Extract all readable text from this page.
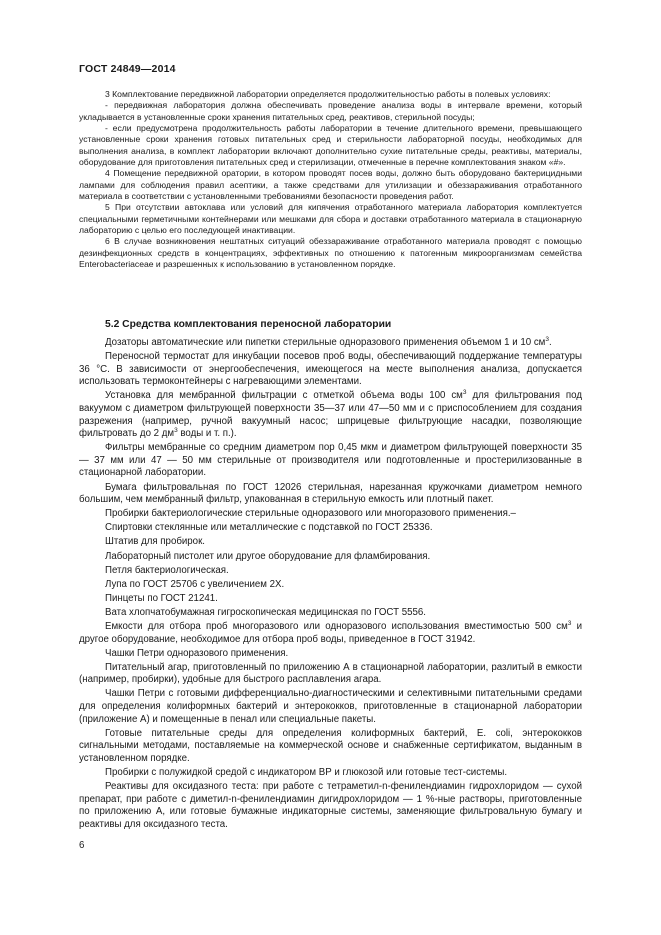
ГОСТ 24849—2014

3 Комплектование передвижной лаборатории определяется продолжительностью работы в полевых условиях:

- передвижная лаборатория должна обеспечивать проведение анализа воды в интервале времени, который укладывается в установленные сроки хранения питательных сред, реактивов, стерильной посуды;

- если предусмотрена продолжительность работы лаборатории в течение длительного времени, превышающего установленные сроки хранения готовых питательных сред и стерильности лабораторной посуды, необходимых для выполнения анализа, в комплект лаборатории включают дополнительно сухие питательные среды, реактивы, материалы, оборудование для приготовления питательных сред и стерилизации, отмеченные в перечне комплектования знаком «#».

4 Помещение передвижной оратории, в котором проводят посев воды, должно быть оборудовано бактерицидными лампами для соблюдения правил асептики, а также средствами для утилизации и обеззараживания отработанного материала в соответствии с установленными требованиями безопасности проведения работ.

5 При отсутствии автоклава или условий для кипячения отработанного материала лаборатория комплектуется специальными герметичными контейнерами или мешками для сбора и доставки отработанного материала в стационарную лабораторию с целью его последующей инактивации.

6 В случае возникновения нештатных ситуаций обеззараживание отработанного материала проводят с помощью дезинфекционных средств в концентрациях, эффективных по отношению к патогенным микроорганизмам семейства Enterobacteriaceae и разрешенных к использованию в установленном порядке.

5.2 Средства комплектования переносной лаборатории

Дозаторы автоматические или пипетки стерильные одноразового применения объемом 1 и 10 $см^3$.

Переносной термостат для инкубации посевов проб воды, обеспечивающий поддержание температуры 36 °C. В зависимости от энергообеспечения, имеющегося на месте выполнения анализа, допускается использовать термоконтейнеры с нагревающими элементами.

Установка для мембранной фильтрации с отметкой объема воды 100 $см^3$ для фильтрования под вакуумом с диаметром фильтрующей поверхности 35—37 или 47—50 мм и с приспособлением для создания разрежения (например, ручной вакуумный насос; шприцевые фильтрующие насадки, позволяющие фильтровать до 2 $дм^3$ воды и т. п.).

Фильтры мембранные со средним диаметром пор 0,45 мкм и диаметром фильтрующей поверхности 35 — 37 мм или 47 — 50 мм стерильные от производителя или подготовленные и простерилизованные в стационарной лаборатории.

Бумага фильтровальная по ГОСТ 12026 стерильная, нарезанная кружочками диаметром немного большим, чем мембранный фильтр, упакованная в стерильную емкость или плотный пакет.

Пробирки бактериологические стерильные одноразового или многоразового применения.–

Спиртовки стеклянные или металлические с подставкой по ГОСТ 25336.

Штатив для пробирок.

Лабораторный пистолет или другое оборудование для фламбирования.

Петля бактериологическая.

Лупа по ГОСТ 25706 с увеличением 2Х.

Пинцеты по ГОСТ 21241.

Вата хлопчатобумажная гигроскопическая медицинская по ГОСТ 5556.

Емкости для отбора проб многоразового или одноразового использования вместимостью 500 $см^3$ и другое оборудование, необходимое для отбора проб воды, приведенное в ГОСТ 31942.

Чашки Петри одноразового применения.

Питательный агар, приготовленный по приложению А в стационарной лаборатории, разлитый в емкости (например, пробирки), удобные для быстрого расплавления агара.

Чашки Петри с готовыми дифференциально-диагностическими и селективными питательными средами для определения колиформных бактерий и энтерококков, приготовленные в стационарной лаборатории (приложение А) и помещенные в пенал или специальные пакеты.

Готовые питательные среды для определения колиформных бактерий, E. coli, энтерококков сигнальными методами, поставляемые на коммерческой основе и снабженные сертификатом, выданным в установленном порядке.

Пробирки с полужидкой средой с индикатором ВР и глюкозой или готовые тест-системы.

Реактивы для оксидазного теста: при работе с тетраметил-n-фенилендиамин гидрохлоридом — сухой препарат, при работе с диметил-n-фенилендиамин дигидрохлоридом — 1 %-ные растворы, приготовленные по приложению А, или готовые бумажные индикаторные системы, заменяющие фильтровальную бумагу и реактивы для оксидазного теста.

6
